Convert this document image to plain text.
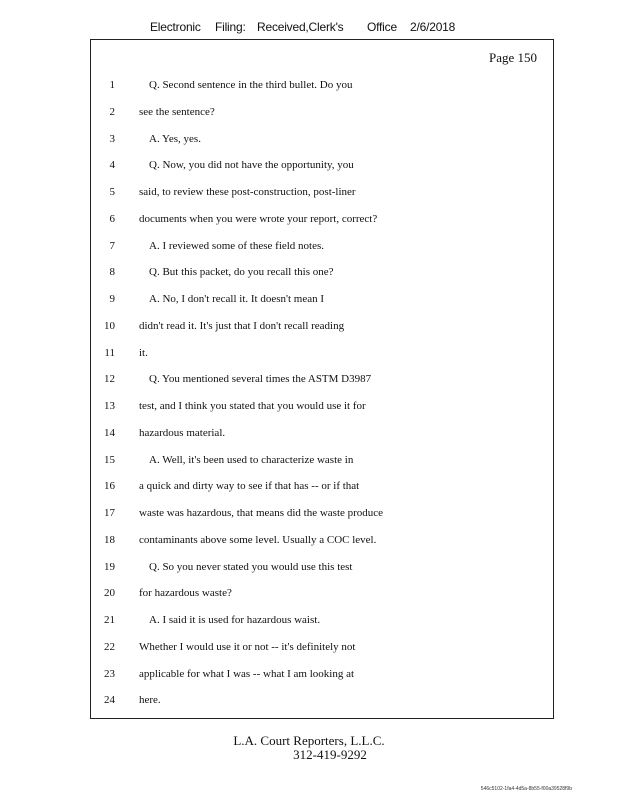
Electronic Filing: Received,Clerk's Office 2/6/2018
Page 150
1	Q. Second sentence in the third bullet. Do you
2 see the sentence?
3	A. Yes, yes.
4	Q. Now, you did not have the opportunity, you
5 said, to review these post-construction, post-liner
6 documents when you were wrote your report, correct?
7	A. I reviewed some of these field notes.
8	Q. But this packet, do you recall this one?
9	A. No, I don't recall it. It doesn't mean I
10 didn't read it. It's just that I don't recall reading
11 it.
12	Q. You mentioned several times the ASTM D3987
13 test, and I think you stated that you would use it for
14 hazardous material.
15	A. Well, it's been used to characterize waste in
16 a quick and dirty way to see if that has -- or if that
17 waste was hazardous, that means did the waste produce
18 contaminants above some level. Usually a COC level.
19	Q. So you never stated you would use this test
20 for hazardous waste?
21	A. I said it is used for hazardous waist.
22 Whether I would use it or not -- it's definitely not
23 applicable for what I was -- what I am looking at
24 here.
L.A. Court Reporters, L.L.C.
312-419-9292
546c5102-1fa4-4d5a-8b55-f00a39528f9b
